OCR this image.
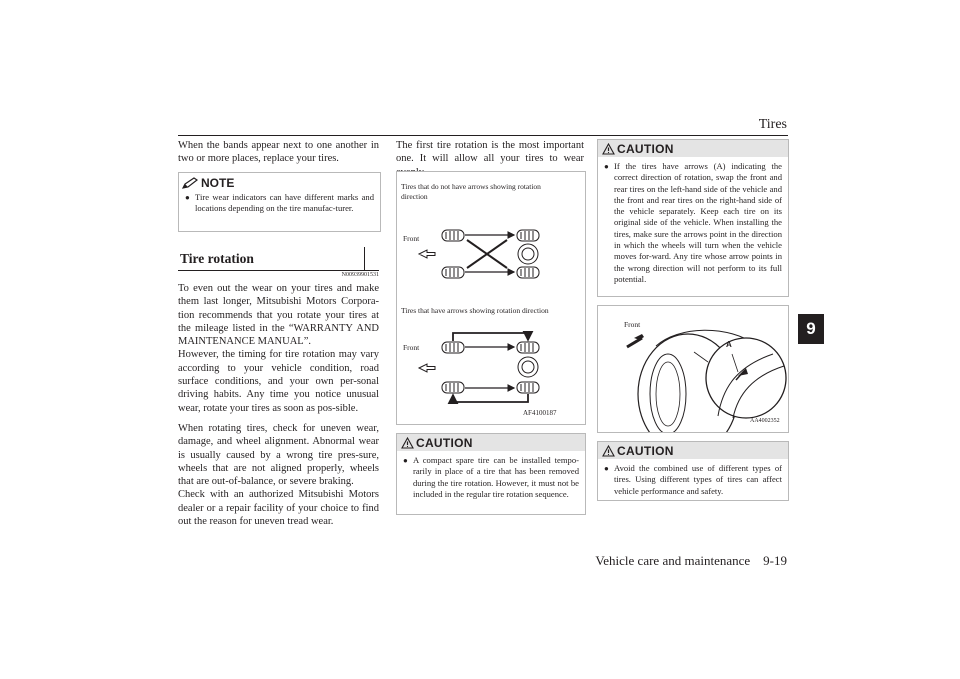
Tires
9
Vehicle care and maintenance 9-19
When the bands appear next to one another in two or more places, replace your tires.
NOTE
● Tire wear indicators can have different marks and locations depending on the tire manufac-turer.
Tire rotation
N00939901531

To even out the wear on your tires and make them last longer, Mitsubishi Motors Corpora-tion recommends that you rotate your tires at the mileage listed in the “WARRANTY AND MAINTENANCE MANUAL”.

However, the timing for tire rotation may vary according to your vehicle condition, road surface conditions, and your own per-sonal driving habits. Any time you notice unusual wear, rotate your tires as soon as pos-sible.

When rotating tires, check for uneven wear, damage, and wheel alignment. Abnormal wear is usually caused by a wrong tire pres-sure, wheels that are not aligned properly, wheels that are out-of-balance, or severe braking.

Check with an authorized Mitsubishi Motors dealer or a repair facility of your choice to find out the reason for uneven tread wear.

The first tire rotation is the most important one. It will allow all your tires to wear
Tires that do not have arrows showing rotation direction
Front
Tires that have arrows showing rotation direction
Front
AF4100187
CAUTION
● A compact spare tire can be installed tempo-rarily in place of a tire that has been removed during the tire rotation. However, it must not be included in the regular tire rotation sequence.
CAUTION
● If the tires have arrows (A) indicating the correct direction of rotation, swap the front and rear tires on the left-hand side of the vehicle and the front and rear tires on the right-hand side of the vehicle separately. Keep each tire on its original side of the vehicle. When installing the tires, make sure the arrows point in the direction in which the wheels will turn when the vehicle moves for-ward. Any tire whose arrow points in the wrong direction will not perform to its full potential.
Front
AA4002352
A
CAUTION
● Avoid the combined use of different types of tires. Using different types of tires can affect vehicle performance and safety.
